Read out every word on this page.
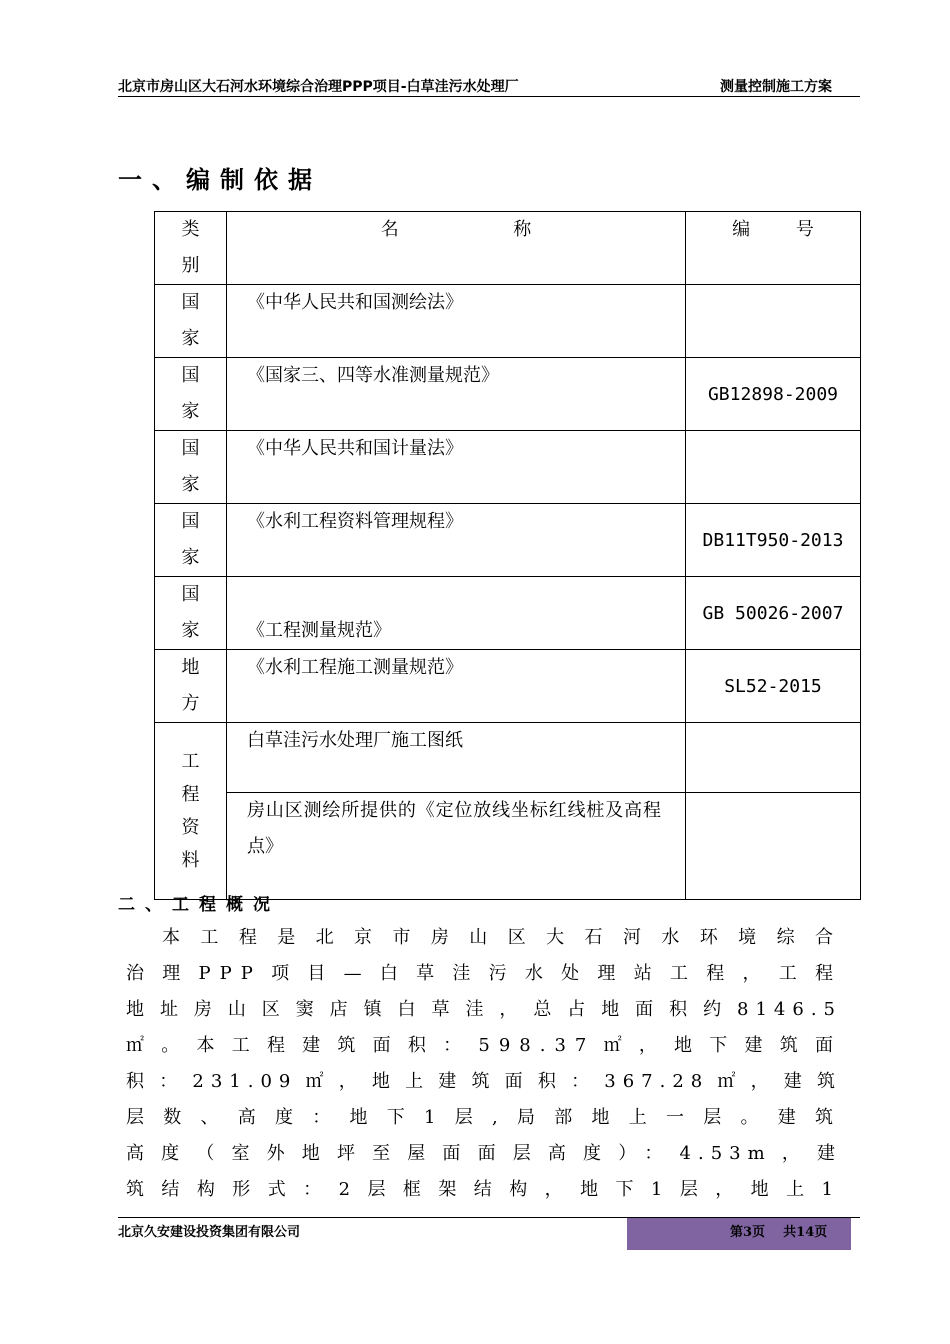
北京市房山区大石河水环境综合治理PPP项目-白草洼污水处理厂	测量控制施工方案
一、编制依据
类别	名                    称	编        号

国家	《中华人民共和国测绘法》	

国家	《国家三、四等水准测量规范》	GB12898-2009

国家	《中华人民共和国计量法》	

国家	《水利工程资料管理规程》	DB11T950-2013

国家	《工程测量规范》	GB 50026-2007

地方	《水利工程施工测量规范》	SL52-2015

工程资料	白草洼污水处理厂施工图纸	
	房山区测绘所提供的《定位放线坐标红线桩及高程点》	
二、工程概况

本工程是北京市房山区大石河水环境综合

治理PPP项目—白草洼污水处理站工程，工程

地址房山区窦店镇白草洼，总占地面积约8146.5

㎡。本工程建筑面积：598.37㎡，地下建筑面

积：231.09㎡，地上建筑面积：367.28㎡，建筑

层数、高度：地下1层,局部地上一层。建筑

高度（室外地坪至屋面面层高度）：4.53m，建

筑结构形式：2层框架结构，地下1层，地上1

北京久安建设投资集团有限公司	第3页    共14页
